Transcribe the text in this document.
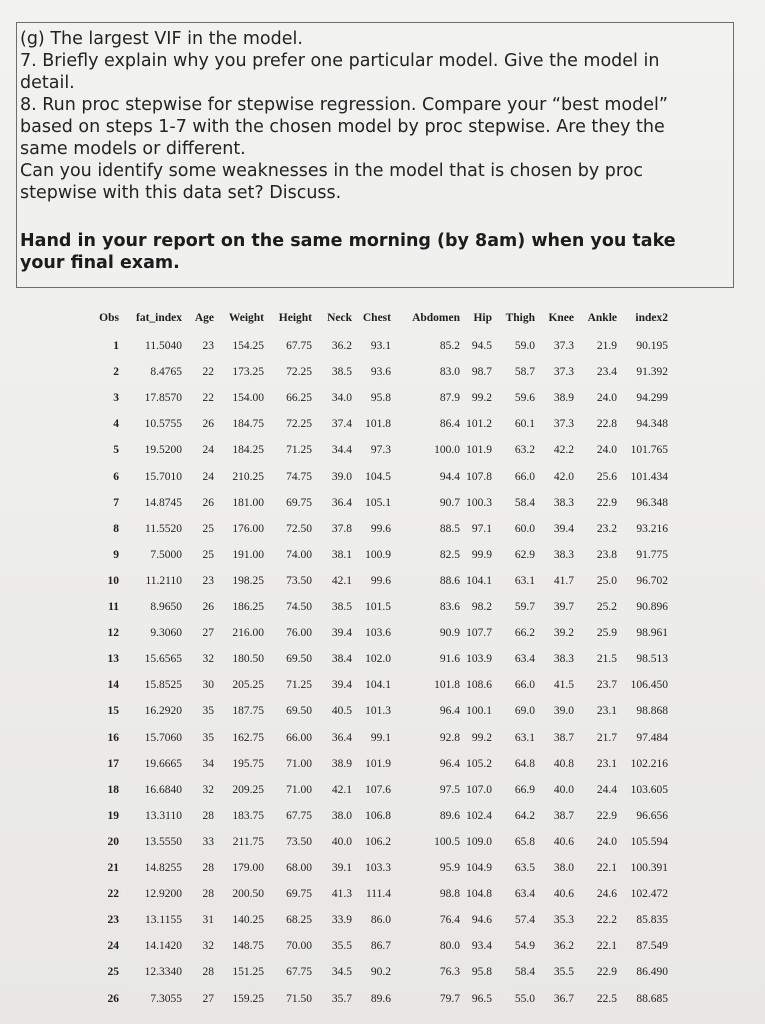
(g) The largest VIF in the model.

7. Briefly explain why you prefer one particular model. Give the model in

detail.

8. Run proc stepwise for stepwise regression. Compare your “best model”

based on steps 1-7 with the chosen model by proc stepwise. Are they the

same models or different.

Can you identify some weaknesses in the model that is chosen by proc

stepwise with this data set? Discuss.

Hand in your report on the same morning (by 8am) when you take

your final exam.

Obs fat_index Age Weight Height Neck Chest Abdomen Hip Thigh Knee Ankle index2
1 11.5040 23 154.25 67.75 36.2 93.1	85.2 94.5 59.0 37.3 21.9 90.195
2	8.4765 22 173.25 72.25 38.5 93.6	83.0 98.7 58.7 37.3 23.4 91.392
3 17.8570 22 154.00 66.25 34.0 95.8	87.9 99.2 59.6 38.9 24.0 94.299
4 10.5755 26 184.75 72.25 37.4 101.8	86.4 101.2 60.1 37.3 22.8 94.348
5 19.5200 24 184.25 71.25 34.4 97.3	100.0 101.9 63.2 42.2 24.0 101.765
6 15.7010 24 210.25 74.75 39.0 104.5	94.4 107.8 66.0 42.0 25.6 101.434
7 14.8745 26 181.00 69.75 36.4 105.1	90.7 100.3 58.4 38.3 22.9 96.348
8 11.5520 25 176.00 72.50 37.8 99.6	88.5 97.1 60.0 39.4 23.2 93.216
9	7.5000 25 191.00 74.00 38.1 100.9	82.5 99.9 62.9 38.3 23.8 91.775
10 11.2110 23 198.25 73.50 42.1 99.6	88.6 104.1 63.1 41.7 25.0 96.702
11	8.9650 26 186.25 74.50 38.5 101.5	83.6 98.2 59.7 39.7 25.2 90.896
12	9.3060 27 216.00 76.00 39.4 103.6	90.9 107.7 66.2 39.2 25.9 98.961
13 15.6565 32 180.50 69.50 38.4 102.0	91.6 103.9 63.4 38.3 21.5 98.513
14 15.8525 30 205.25 71.25 39.4 104.1	101.8 108.6 66.0 41.5 23.7 106.450
15 16.2920 35 187.75 69.50 40.5 101.3	96.4 100.1 69.0 39.0 23.1 98.868
16 15.7060 35 162.75 66.00 36.4 99.1	92.8 99.2 63.1 38.7 21.7 97.484
17 19.6665 34 195.75 71.00 38.9 101.9	96.4 105.2 64.8 40.8 23.1 102.216
18 16.6840 32 209.25 71.00 42.1 107.6	97.5 107.0 66.9 40.0 24.4 103.605
19 13.3110 28 183.75 67.75 38.0 106.8	89.6 102.4 64.2 38.7 22.9 96.656
20 13.5550 33 211.75 73.50 40.0 106.2	100.5 109.0 65.8 40.6 24.0 105.594
21 14.8255 28 179.00 68.00 39.1 103.3	95.9 104.9 63.5 38.0 22.1 100.391
22 12.9200 28 200.50 69.75 41.3 111.4	98.8 104.8 63.4 40.6 24.6 102.472
23 13.1155 31 140.25 68.25 33.9 86.0	76.4 94.6 57.4 35.3 22.2 85.835
24 14.1420 32 148.75 70.00 35.5 86.7	80.0 93.4 54.9 36.2 22.1 87.549
25 12.3340 28 151.25 67.75 34.5 90.2	76.3 95.8 58.4 35.5 22.9 86.490
26	7.3055 27 159.25 71.50 35.7 89.6	79.7 96.5 55.0 36.7 22.5 88.685
